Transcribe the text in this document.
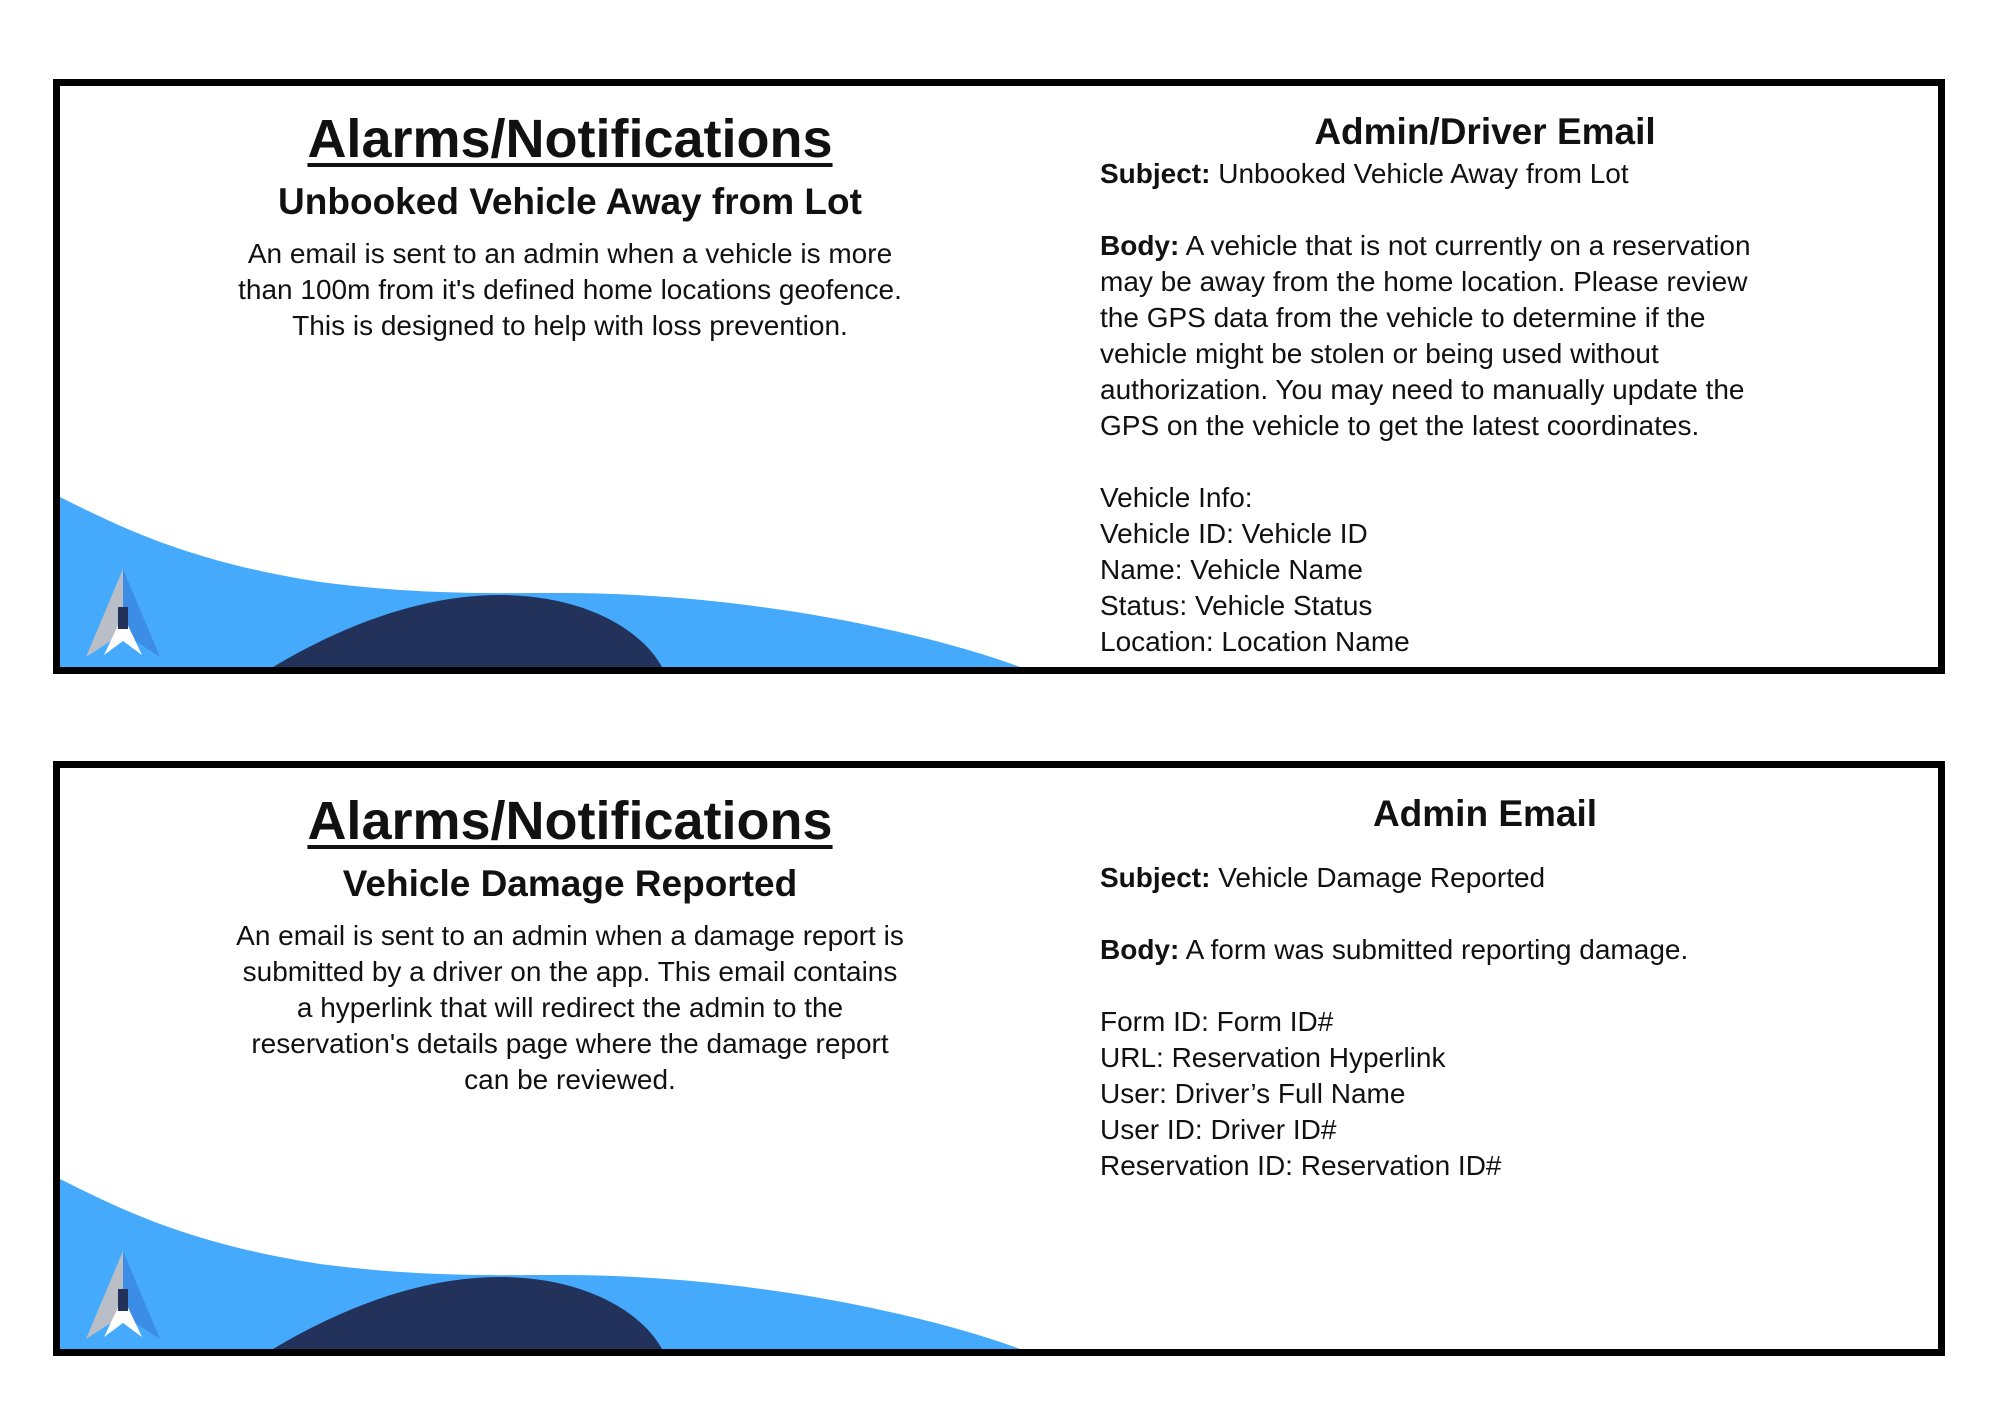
Alarms/Notifications
Unbooked Vehicle Away from Lot
An email is sent to an admin when a vehicle is more
than 100m from it's defined home locations geofence.
This is designed to help with loss prevention.
Admin/Driver Email
Subject: Unbooked Vehicle Away from Lot
Body: A vehicle that is not currently on a reservation
may be away from the home location. Please review
the GPS data from the vehicle to determine if the
vehicle might be stolen or being used without
authorization. You may need to manually update the
GPS on the vehicle to get the latest coordinates.
Vehicle Info:
Vehicle ID: Vehicle ID
Name: Vehicle Name
Status: Vehicle Status
Location: Location Name
Alarms/Notifications
Vehicle Damage Reported
An email is sent to an admin when a damage report is
submitted by a driver on the app. This email contains
a hyperlink that will redirect the admin to the
reservation's details page where the damage report
can be reviewed.
Admin Email
Subject: Vehicle Damage Reported
Body: A form was submitted reporting damage.
Form ID: Form ID#
URL: Reservation Hyperlink
User: Driver’s Full Name
User ID: Driver ID#
Reservation ID: Reservation ID#
